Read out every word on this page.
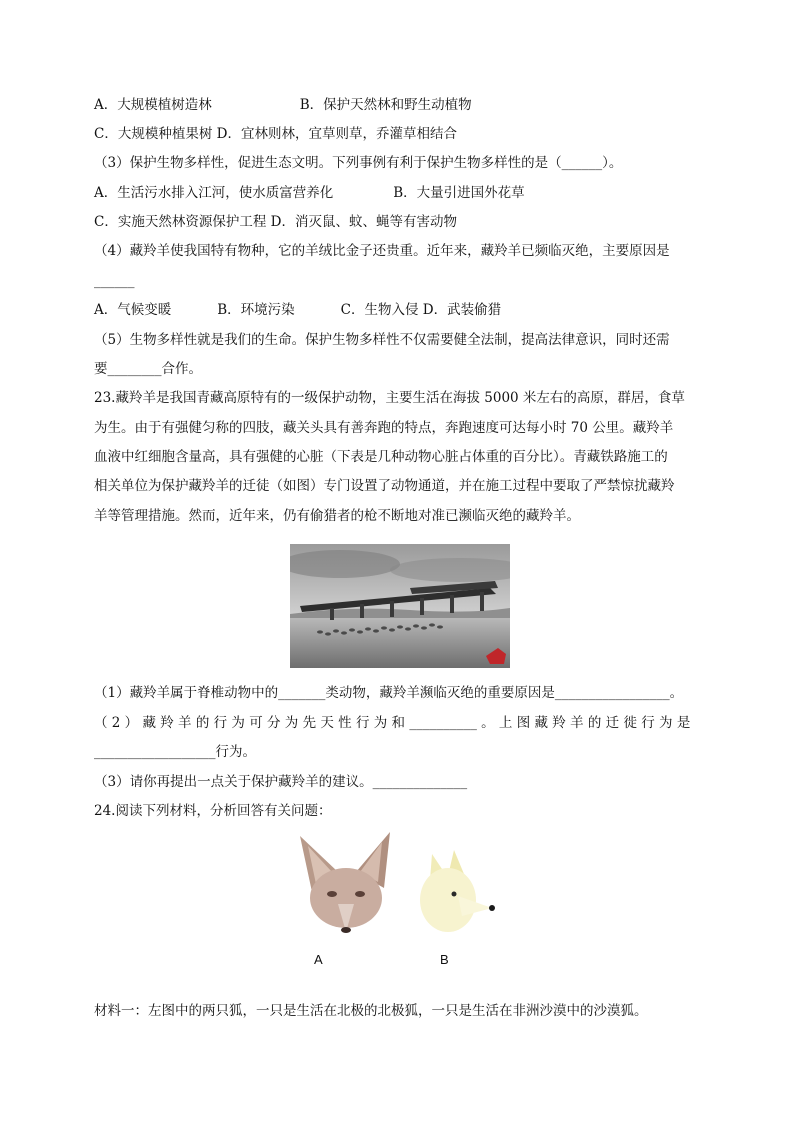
A．大规模植树造林	B．保护天然林和野生动植物
C．大规模种植果树 D．宜林则林，宜草则草，乔灌草相结合
（3）保护生物多样性，促进生态文明。下列事例有利于保护生物多样性的是（______）。
A．生活污水排入江河，使水质富营养化	B．大量引进国外花草
C．实施天然林资源保护工程 D．消灭鼠、蚊、蝇等有害动物
（4）藏羚羊使我国特有物种，它的羊绒比金子还贵重。近年来，藏羚羊已频临灭绝，主要原因是
______
A．气候变暖	B．环境污染	C．生物入侵 D．武装偷猎
（5）生物多样性就是我们的生命。保护生物多样性不仅需要健全法制，提高法律意识，同时还需
要________合作。
23.藏羚羊是我国青藏高原特有的一级保护动物，主要生活在海拔 5000 米左右的高原，群居，食草
为生。由于有强健匀称的四肢，藏关头具有善奔跑的特点，奔跑速度可达每小时 70 公里。藏羚羊
血液中红细胞含量高，具有强健的心脏（下表是几种动物心脏占体重的百分比）。青藏铁路施工的
相关单位为保护藏羚羊的迁徒（如图）专门设置了动物通道，并在施工过程中要取了严禁惊扰藏羚
羊等管理措施。然而，近年来，仍有偷猎者的枪不断地对准已濒临灭绝的藏羚羊。
（1）藏羚羊属于脊椎动物中的_______类动物，藏羚羊濒临灭绝的重要原因是_________________。
（ 2 ） 藏 羚 羊 的 行 为 可 分 为 先 天 性 行 为 和 __________ 。 上 图 藏 羚 羊 的 迁 徙 行 为 是
__________________行为。
（3）请你再提出一点关于保护藏羚羊的建议。______________
24.阅读下列材料，分析回答有关问题：
A	B
材料一：左图中的两只狐，一只是生活在北极的北极狐，一只是生活在非洲沙漠中的沙漠狐。
